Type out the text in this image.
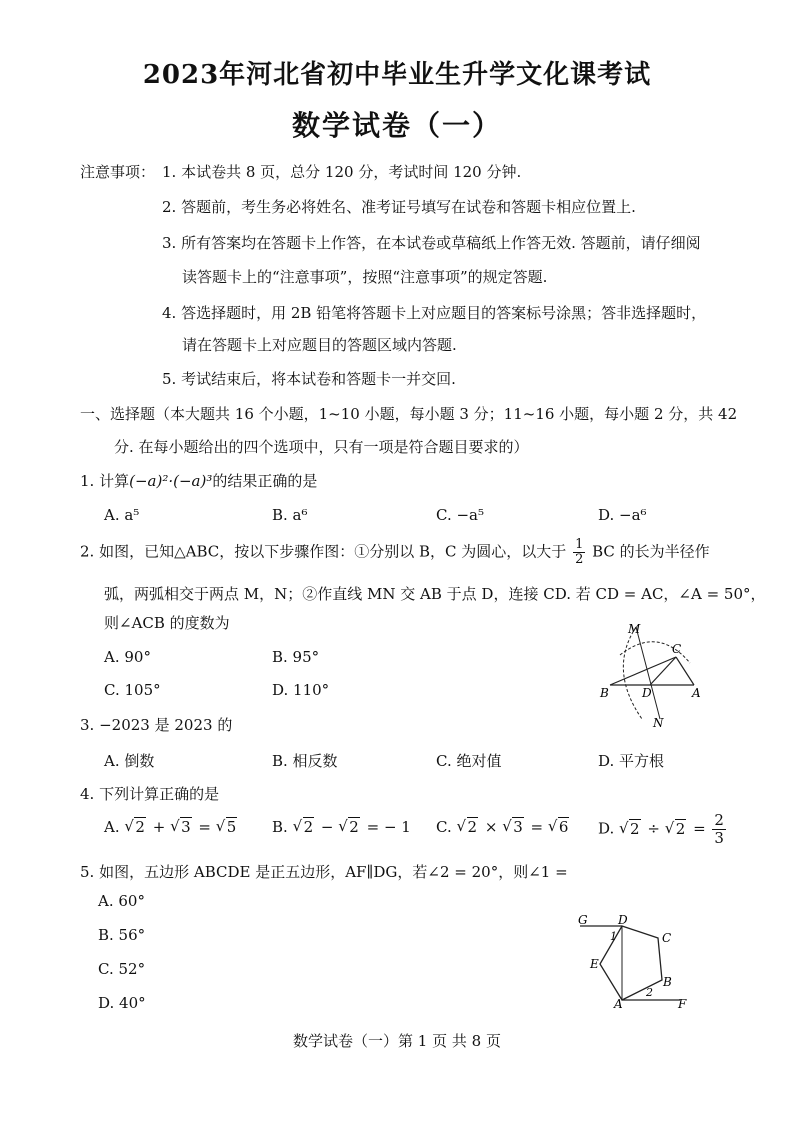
2023年河北省初中毕业生升学文化课考试
数学试卷（一）
注意事项： 1. 本试卷共 8 页，总分 120 分，考试时间 120 分钟.
2. 答题前，考生务必将姓名、准考证号填写在试卷和答题卡相应位置上.
3. 所有答案均在答题卡上作答，在本试卷或草稿纸上作答无效. 答题前，请仔细阅
读答题卡上的“注意事项”，按照“注意事项”的规定答题.
4. 答选择题时，用 2B 铅笔将答题卡上对应题目的答案标号涂黑；答非选择题时，
请在答题卡上对应题目的答题区域内答题.
5. 考试结束后，将本试卷和答题卡一并交回.
一、选择题（本大题共 16 个小题，1~10 小题，每小题 3 分；11~16 小题，每小题 2 分，共 42
分. 在每小题给出的四个选项中，只有一项是符合题目要求的）
1. 计算(−a)²·(−a)³的结果正确的是
A. a⁵	B. a⁶	C. −a⁵	D. −a⁶
2. 如图，已知△ABC，按以下步骤作图：①分别以 B，C 为圆心，以大于 $\frac{1}{2}$ BC 的长为半径作
弧，两弧相交于两点 M，N；②作直线 MN 交 AB 于点 D，连接 CD. 若 CD = AC，∠A = 50°，
则∠ACB 的度数为
A. 90°	B. 95°
C. 105°	D. 110°
M
C
B	D	A
N
3. −2023 是 2023 的
A. 倒数	B. 相反数	C. 绝对值	D. 平方根
4. 下列计算正确的是
A. √ 2 + √ 3 = √ 5 B. √ 2 − √ 2 = − 1 C. √ 2 × √ 3 = √ 6 D. √ 2 ÷ √ $2 = \frac{2}{3}$
5. 如图，五边形 ABCDE 是正五边形，AF∥DG，若∠2 = 20°，则∠1 =
A. 60°
B. 56°
C. 52°
D. 40°
G	D
C
E
B
A	F
1
2
数学试卷（一）第 1 页 共 8 页
